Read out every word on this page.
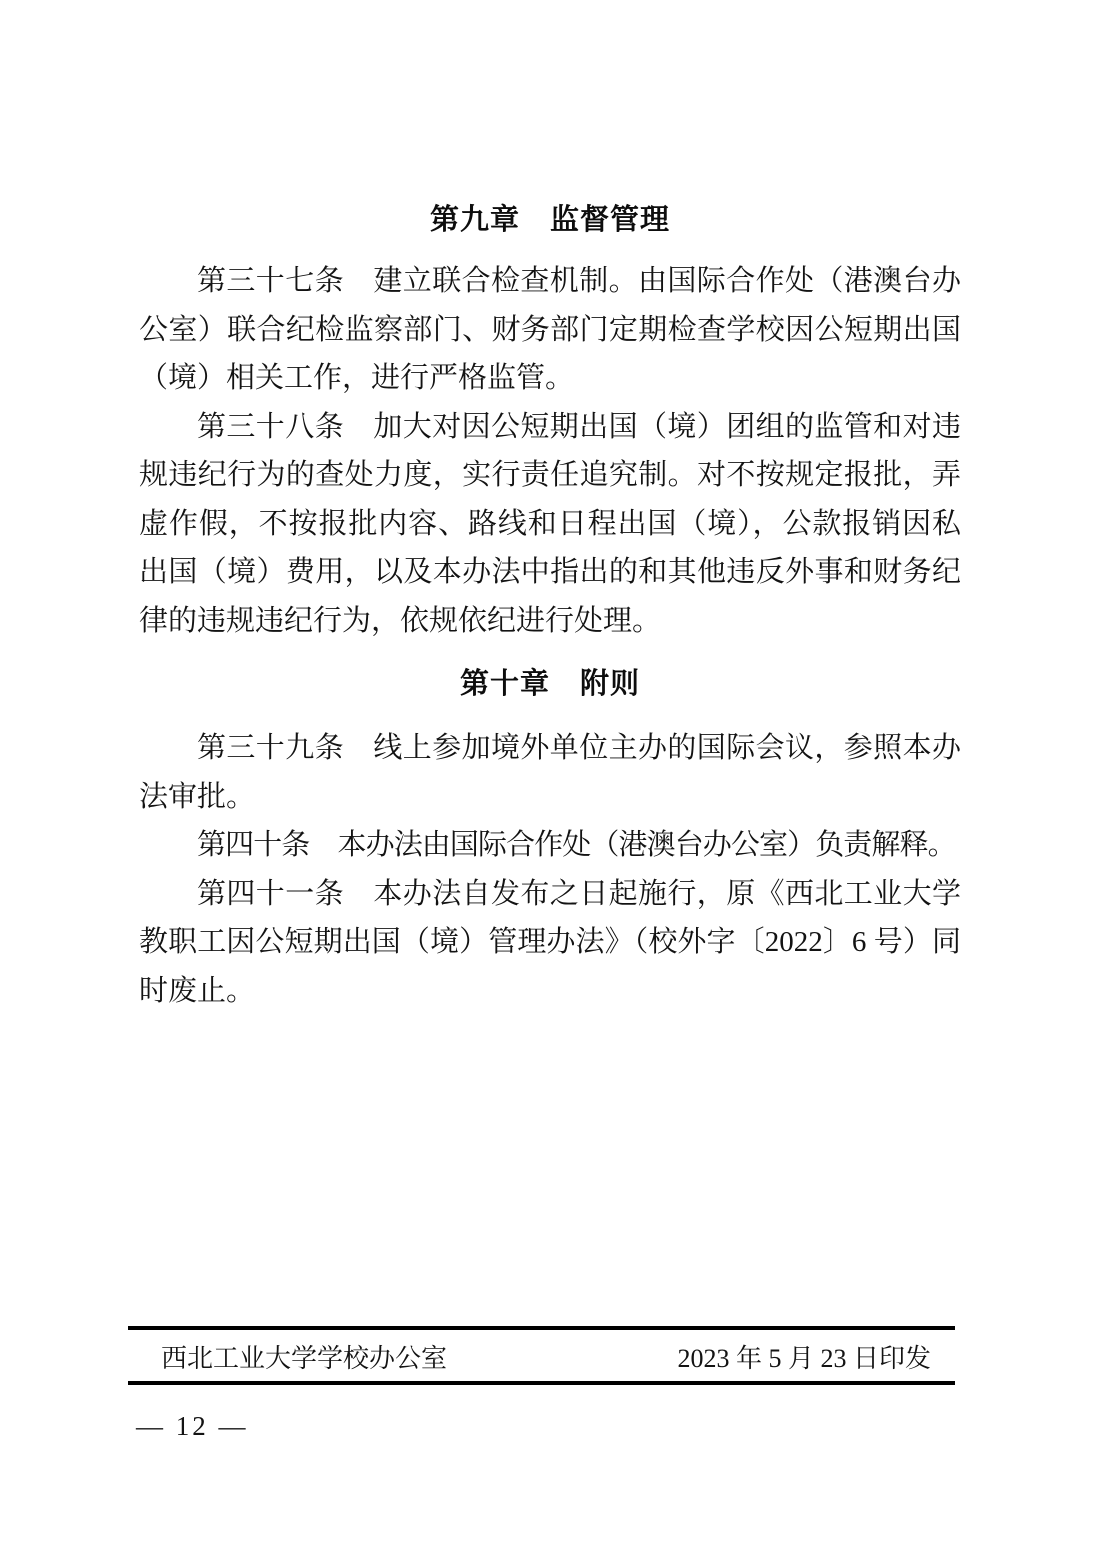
第九章　监督管理

第三十七条　建立联合检查机制。由国际合作处（港澳台办公室）联合纪检监察部门、财务部门定期检查学校因公短期出国（境）相关工作，进行严格监管。

第三十八条　加大对因公短期出国（境）团组的监管和对违规违纪行为的查处力度，实行责任追究制。对不按规定报批，弄虚作假，不按报批内容、路线和日程出国（境），公款报销因私出国（境）费用，以及本办法中指出的和其他违反外事和财务纪律的违规违纪行为，依规依纪进行处理。

第十章　附则

第三十九条　线上参加境外单位主办的国际会议，参照本办法审批。

第四十条　本办法由国际合作处（港澳台办公室）负责解释。

第四十一条　本办法自发布之日起施行，原《西北工业大学教职工因公短期出国（境）管理办法》（校外字〔2022〕6 号）同时废止。

西北工业大学学校办公室	2023 年 5 月 23 日印发
— 12 —
